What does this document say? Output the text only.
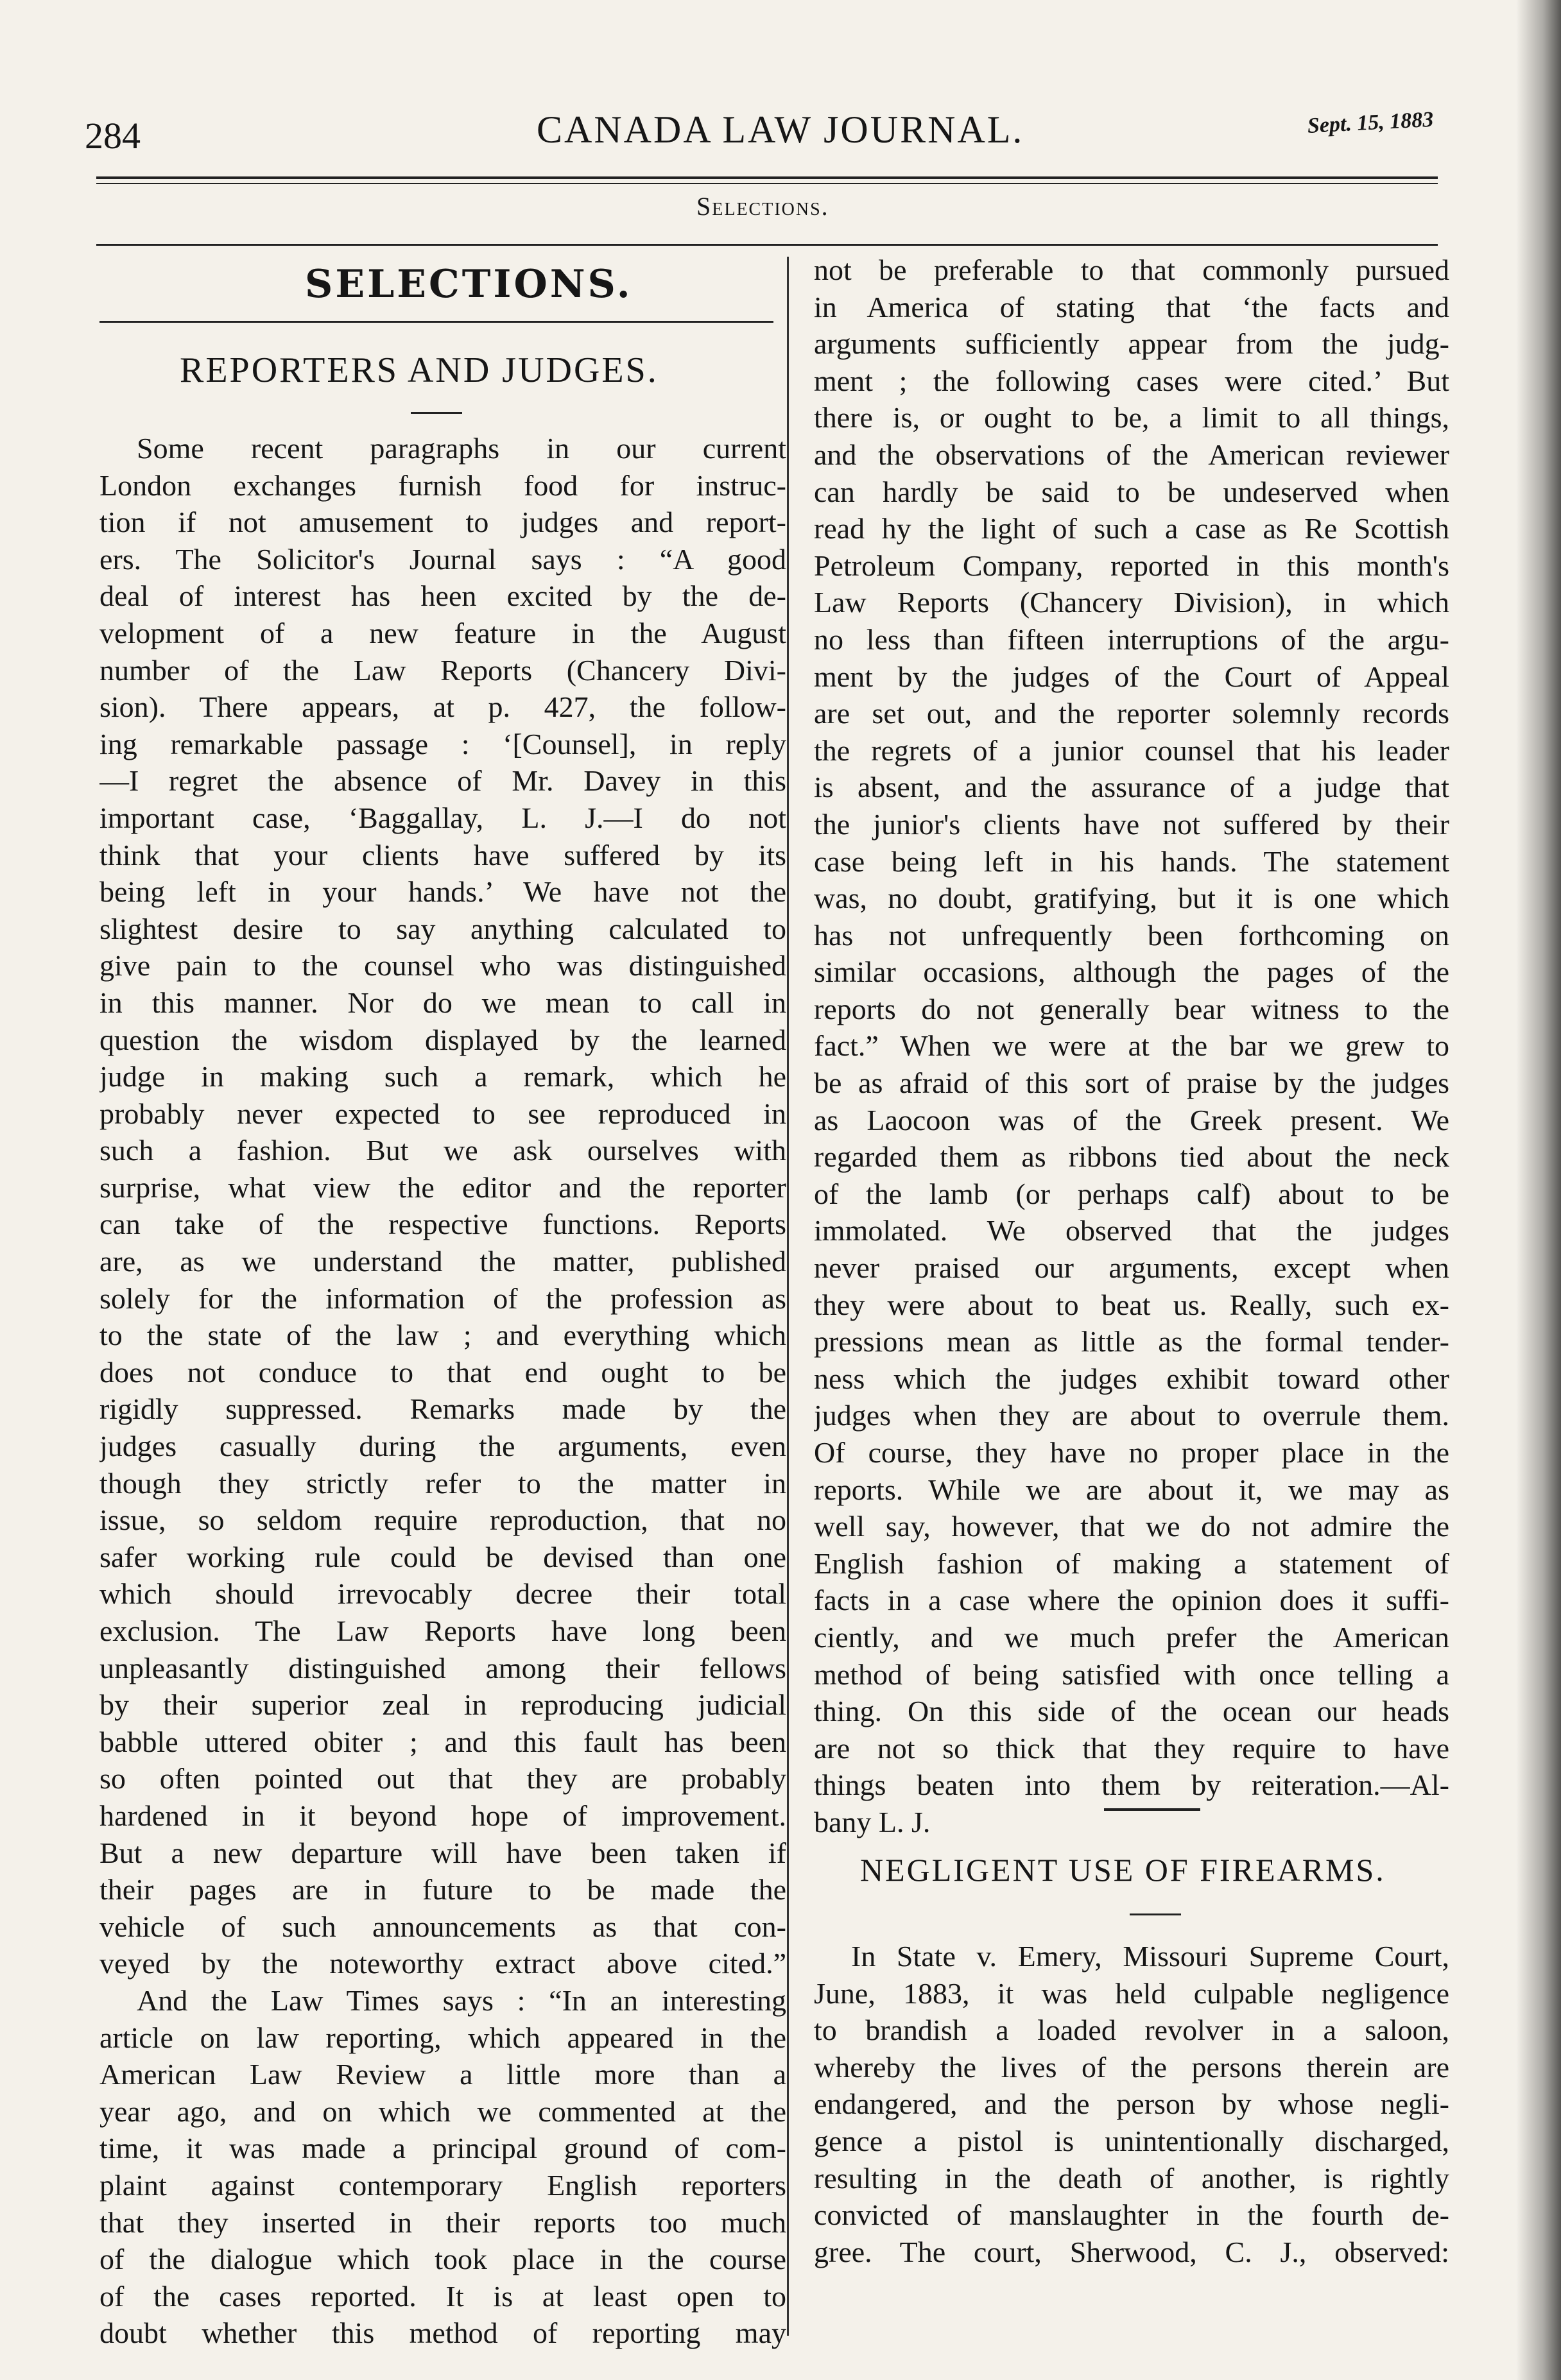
284	CANADA LAW JOURNAL.	Sept. 15, 1883
Selections.
SELECTIONS.
REPORTERS AND JUDGES.
Some recent paragraphs in our current
London exchanges furnish food for instruc-
tion if not amusement to judges and report-
ers. The Solicitor's Journal says : “A good
deal of interest has heen excited by the de-
velopment of a new feature in the August
number of the Law Reports (Chancery Divi-
sion). There appears, at p. 427, the follow-
ing remarkable passage : ‘[Counsel], in reply
—I regret the absence of Mr. Davey in this
important case, ‘Baggallay, L. J.—I do not
think that your clients have suffered by its
being left in your hands.’ We have not the
slightest desire to say anything calculated to
give pain to the counsel who was distinguished
in this manner. Nor do we mean to call in
question the wisdom displayed by the learned
judge in making such a remark, which he
probably never expected to see reproduced in
such a fashion. But we ask ourselves with
surprise, what view the editor and the reporter
can take of the respective functions. Reports
are, as we understand the matter, published
solely for the information of the profession as
to the state of the law ; and everything which
does not conduce to that end ought to be
rigidly suppressed. Remarks made by the
judges casually during the arguments, even
though they strictly refer to the matter in
issue, so seldom require reproduction, that no
safer working rule could be devised than one
which should irrevocably decree their total
exclusion. The Law Reports have long been
unpleasantly distinguished among their fellows
by their superior zeal in reproducing judicial
babble uttered obiter ; and this fault has been
so often pointed out that they are probably
hardened in it beyond hope of improvement.
But a new departure will have been taken if
their pages are in future to be made the
vehicle of such announcements as that con-
veyed by the noteworthy extract above cited.”
And the Law Times says : “In an interesting
article on law reporting, which appeared in the
American Law Review a little more than a
year ago, and on which we commented at the
time, it was made a principal ground of com-
plaint against contemporary English reporters
that they inserted in their reports too much
of the dialogue which took place in the course
of the cases reported. It is at least open to
doubt whether this method of reporting may
not be preferable to that commonly pursued
in America of stating that ‘the facts and
arguments sufficiently appear from the judg-
ment ; the following cases were cited.’ But
there is, or ought to be, a limit to all things,
and the observations of the American reviewer
can hardly be said to be undeserved when
read hy the light of such a case as Re Scottish
Petroleum Company, reported in this month's
Law Reports (Chancery Division), in which
no less than fifteen interruptions of the argu-
ment by the judges of the Court of Appeal
are set out, and the reporter solemnly records
the regrets of a junior counsel that his leader
is absent, and the assurance of a judge that
the junior's clients have not suffered by their
case being left in his hands. The statement
was, no doubt, gratifying, but it is one which
has not unfrequently been forthcoming on
similar occasions, although the pages of the
reports do not generally bear witness to the
fact.” When we were at the bar we grew to
be as afraid of this sort of praise by the judges
as Laocoon was of the Greek present. We
regarded them as ribbons tied about the neck
of the lamb (or perhaps calf) about to be
immolated. We observed that the judges
never praised our arguments, except when
they were about to beat us. Really, such ex-
pressions mean as little as the formal tender-
ness which the judges exhibit toward other
judges when they are about to overrule them.
Of course, they have no proper place in the
reports. While we are about it, we may as
well say, however, that we do not admire the
English fashion of making a statement of
facts in a case where the opinion does it suffi-
ciently, and we much prefer the American
method of being satisfied with once telling a
thing. On this side of the ocean our heads
are not so thick that they require to have
things beaten into them by reiteration.—Al-
bany L. J.
NEGLIGENT USE OF FIREARMS.
In State v. Emery, Missouri Supreme Court,
June, 1883, it was held culpable negligence
to brandish a loaded revolver in a saloon,
whereby the lives of the persons therein are
endangered, and the person by whose negli-
gence a pistol is unintentionally discharged,
resulting in the death of another, is rightly
convicted of manslaughter in the fourth de-
gree. The court, Sherwood, C. J., observed:
